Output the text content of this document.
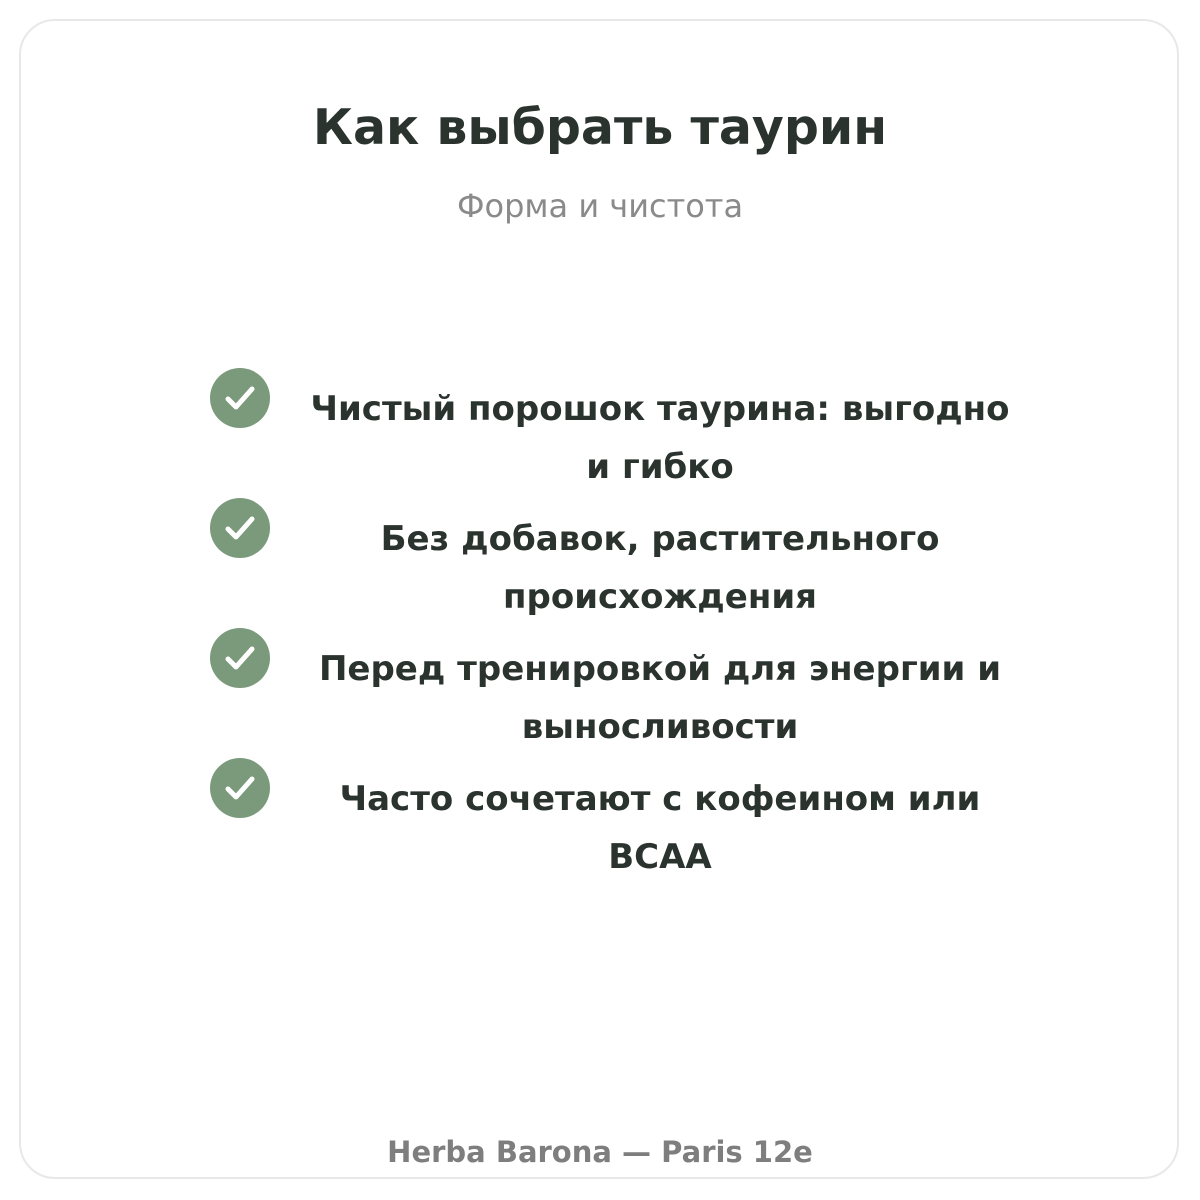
Как выбрать таурин

Форма и чистота

Чистый порошок таурина: выгодно и гибко
Без добавок, растительного происхождения
Перед тренировкой для энергии и выносливости
Часто сочетают с кофеином или BCAA

Herba Barona — Paris 12e
